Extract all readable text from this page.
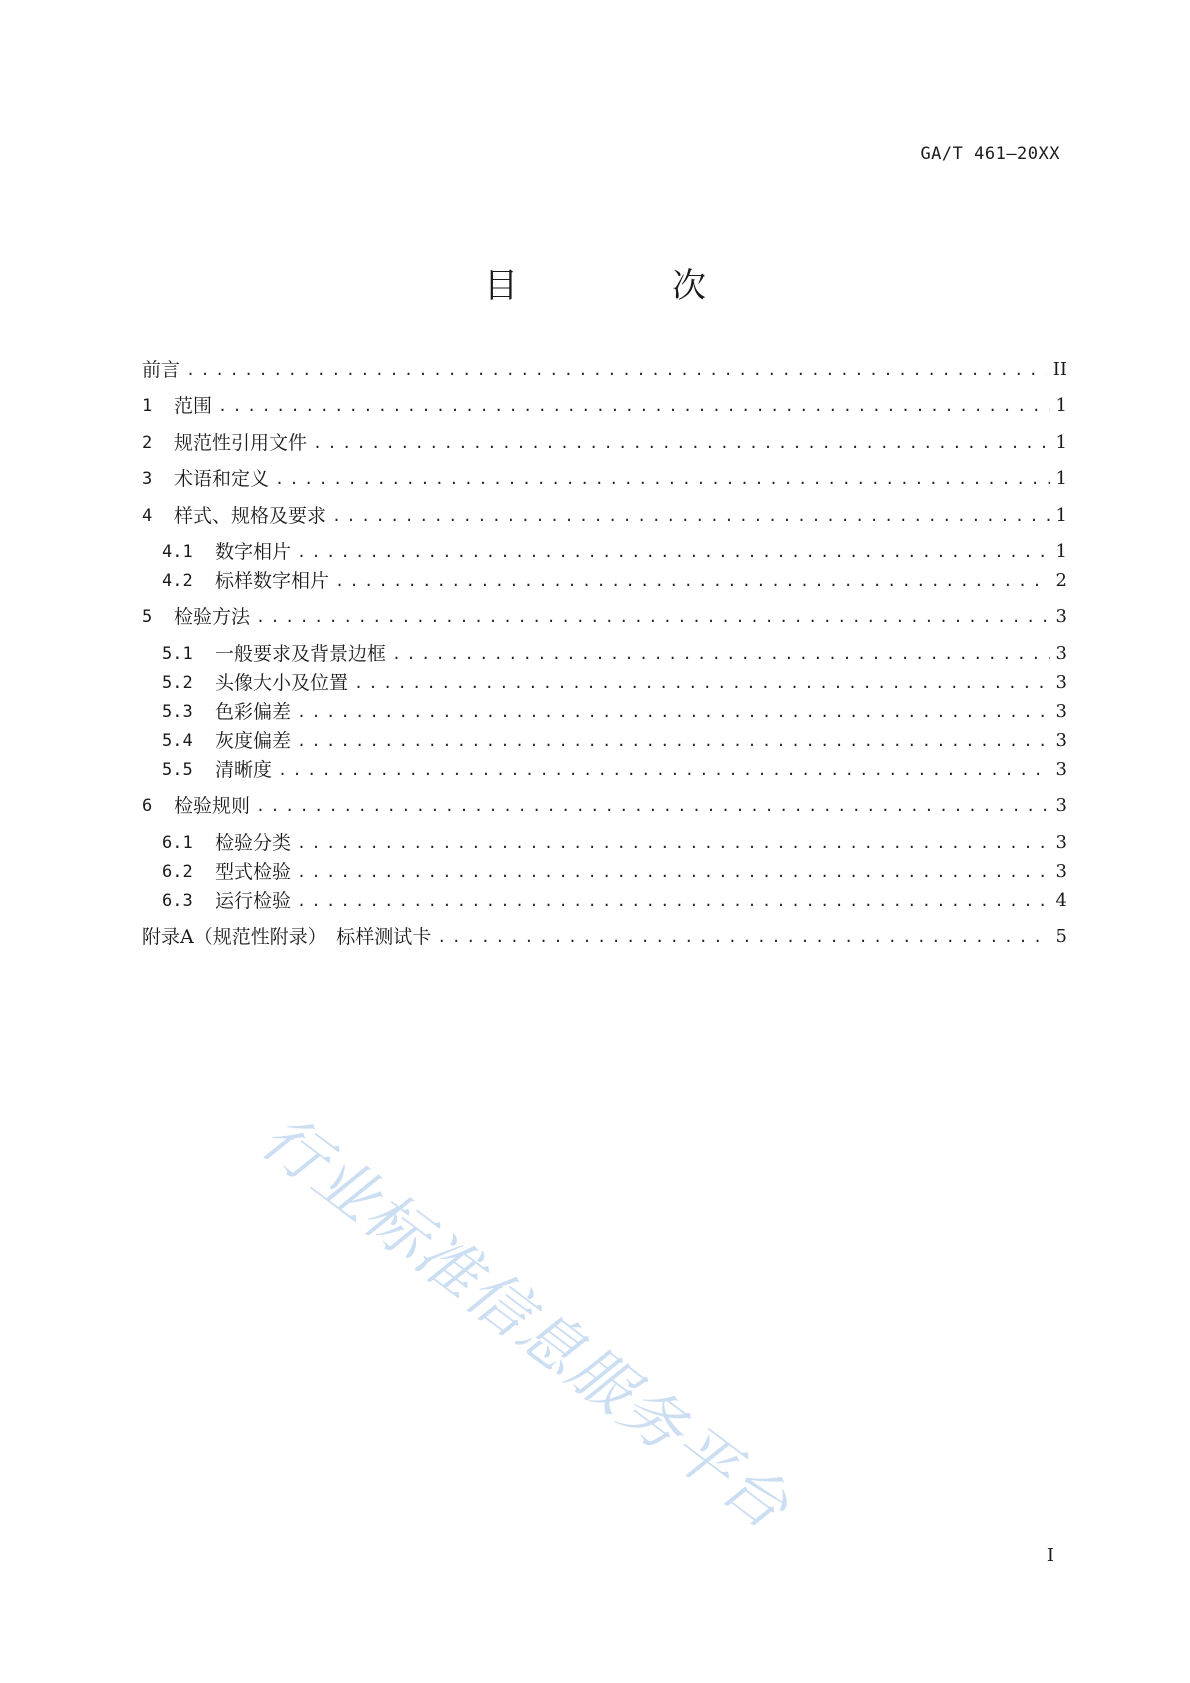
GA/T 461—20XX
目　次
前言 .....	II
1	范围 .....	1
2	规范性引用文件 .....	1
3	术语和定义 .....	1
4	样式、规格及要求 .....	1
4.1	数字相片 .....	1
4.2	标样数字相片 .....	2
5	检验方法 .....	3
5.1	一般要求及背景边框 .....	3
5.2	头像大小及位置 .....	3
5.3	色彩偏差 .....	3
5.4	灰度偏差 .....	3
5.5	清晰度 .....	3
6	检验规则 .....	3
6.1	检验分类 .....	3
6.2	型式检验 .....	3
6.3	运行检验 .....	4
附录A（规范性附录）　标样测试卡 .....	5
行业标准信息服务平台
I
